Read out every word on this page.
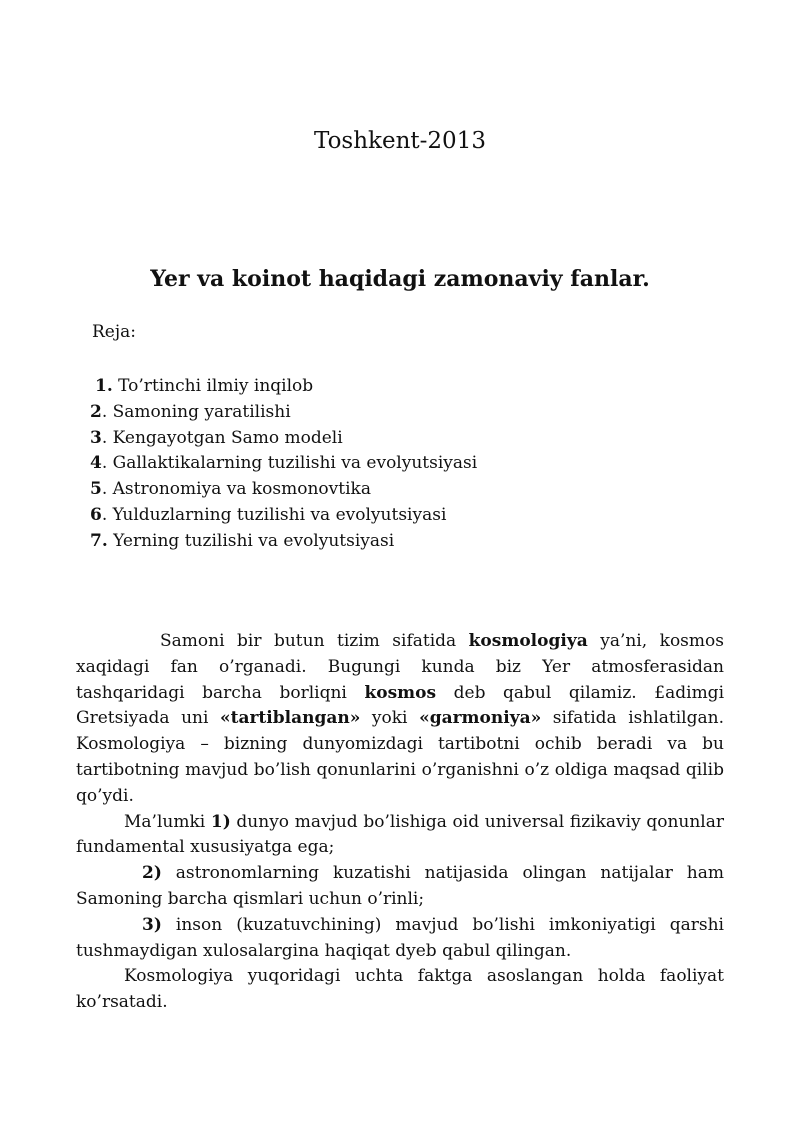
Toshkent-2013
Yer va koinot haqidagi zamonaviy fanlar.
Reja:
1. To’rtinchi ilmiy inqilob
2. Samoning yaratilishi
3. Kengayotgan Samo modeli
4. Gallaktikalarning tuzilishi va evolyutsiyasi
5. Astronomiya va kosmonovtika
6. Yulduzlarning tuzilishi va evolyutsiyasi
7. Yerning tuzilishi va evolyutsiyasi

Samoni bir butun tizim sifatida kosmologiya ya’ni, kosmos xaqidagi fan o’rganadi. Bugungi kunda biz Yer atmosferasidan tashqaridagi barcha borliqni kosmos deb qabul qilamiz. £adimgi Gretsiyada uni «tartiblangan» yoki «garmoniya» sifatida ishlatilgan. Kosmologiya – bizning dunyomizdagi tartibotni ochib beradi va bu tartibotning mavjud bo’lish qonunlarini o’rganishni o’z oldiga maqsad qilib qo’ydi.

Ma’lumki 1) dunyo mavjud bo’lishiga oid universal fizikaviy qonunlar fundamental xususiyatga ega;

2) astronomlarning kuzatishi natijasida olingan natijalar ham Samoning barcha qismlari uchun o’rinli;

3) inson (kuzatuvchining) mavjud bo’lishi imkoniyatigi qarshi tushmaydigan xulosalargina haqiqat dyeb qabul qilingan.

Kosmologiya yuqoridagi uchta faktga asoslangan holda faoliyat ko’rsatadi.
